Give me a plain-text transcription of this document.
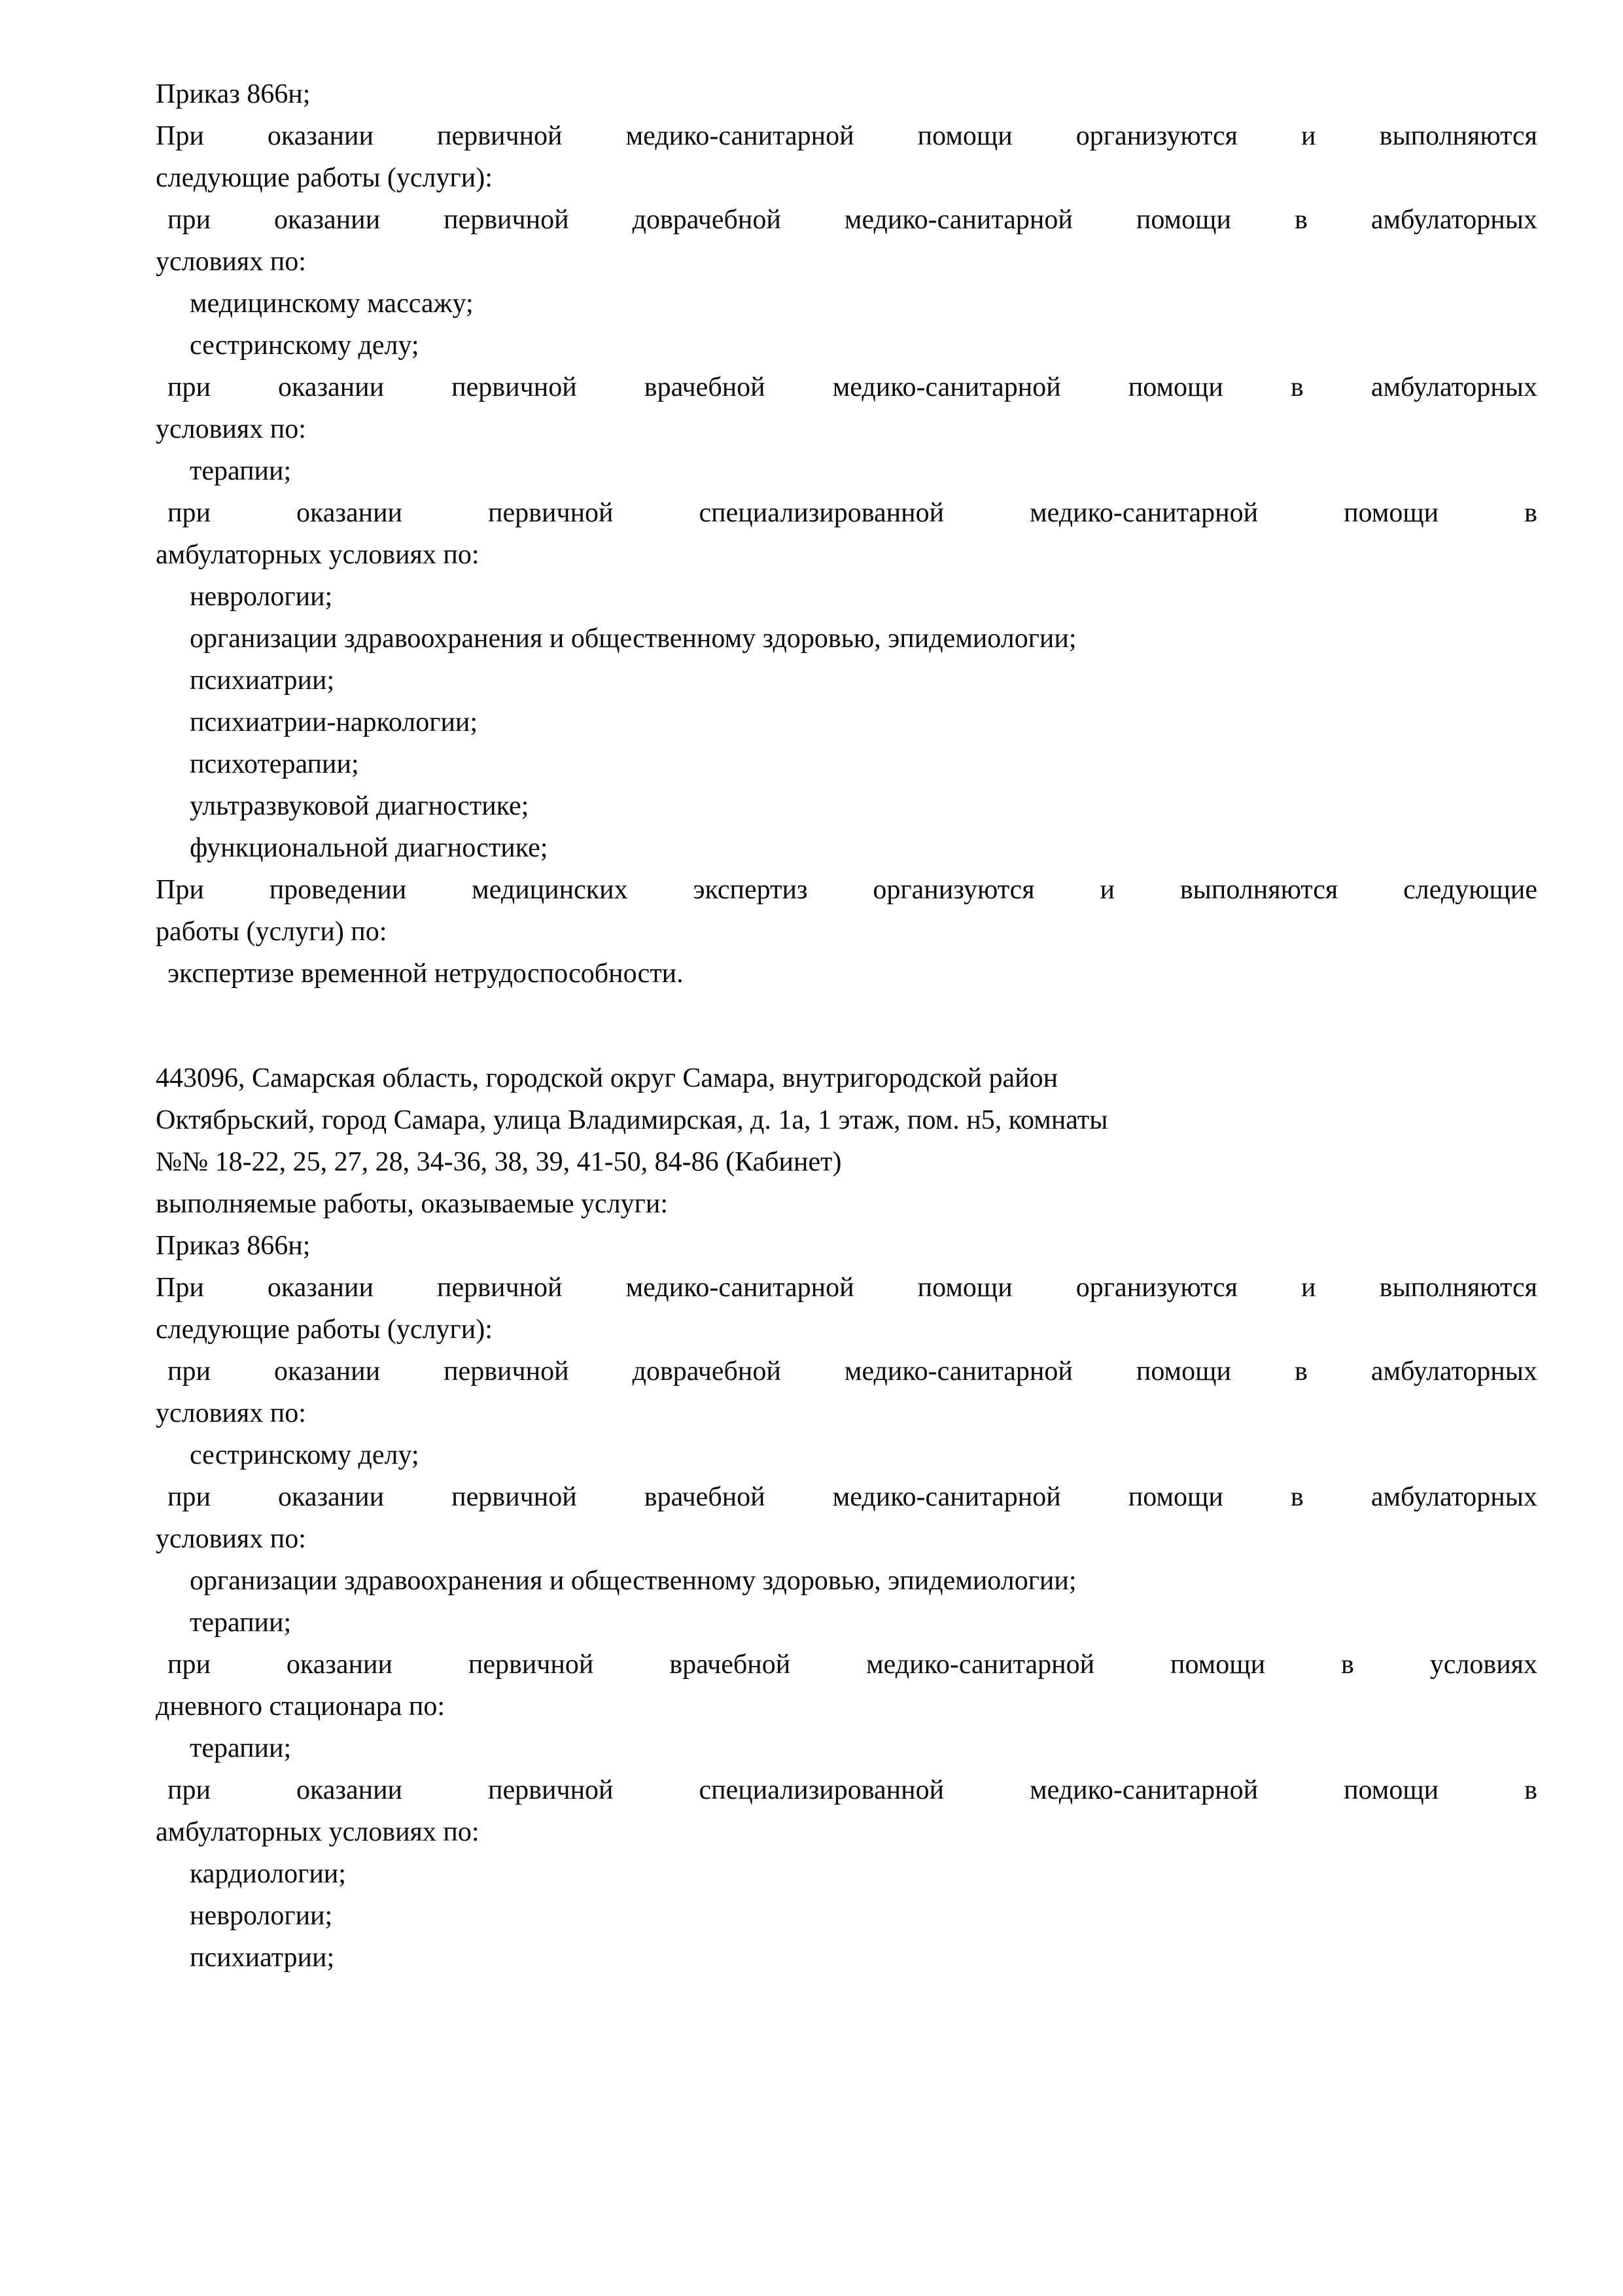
Приказ 866н;
При оказании первичной медико-санитарной помощи организуются и выполняются
следующие работы (услуги):
при оказании первичной доврачебной медико-санитарной помощи в амбулаторных
условиях по:
медицинскому массажу;
сестринскому делу;
при оказании первичной врачебной медико-санитарной помощи в амбулаторных
условиях по:
терапии;
при оказании первичной специализированной медико-санитарной помощи в
амбулаторных условиях по:
неврологии;
организации здравоохранения и общественному здоровью, эпидемиологии;
психиатрии;
психиатрии-наркологии;
психотерапии;
ультразвуковой диагностике;
функциональной диагностике;
При проведении медицинских экспертиз организуются и выполняются следующие
работы (услуги) по:
экспертизе временной нетрудоспособности.
443096, Самарская область, городской округ Самара, внутригородской район
Октябрьский, город Самара, улица Владимирская, д. 1а, 1 этаж, пом. н5, комнаты
№№ 18-22, 25, 27, 28, 34-36, 38, 39, 41-50, 84-86 (Кабинет)
выполняемые работы, оказываемые услуги:
Приказ 866н;
При оказании первичной медико-санитарной помощи организуются и выполняются
следующие работы (услуги):
при оказании первичной доврачебной медико-санитарной помощи в амбулаторных
условиях по:
сестринскому делу;
при оказании первичной врачебной медико-санитарной помощи в амбулаторных
условиях по:
организации здравоохранения и общественному здоровью, эпидемиологии;
терапии;
при оказании первичной врачебной медико-санитарной помощи в условиях
дневного стационара по:
терапии;
при оказании первичной специализированной медико-санитарной помощи в
амбулаторных условиях по:
кардиологии;
неврологии;
психиатрии;
